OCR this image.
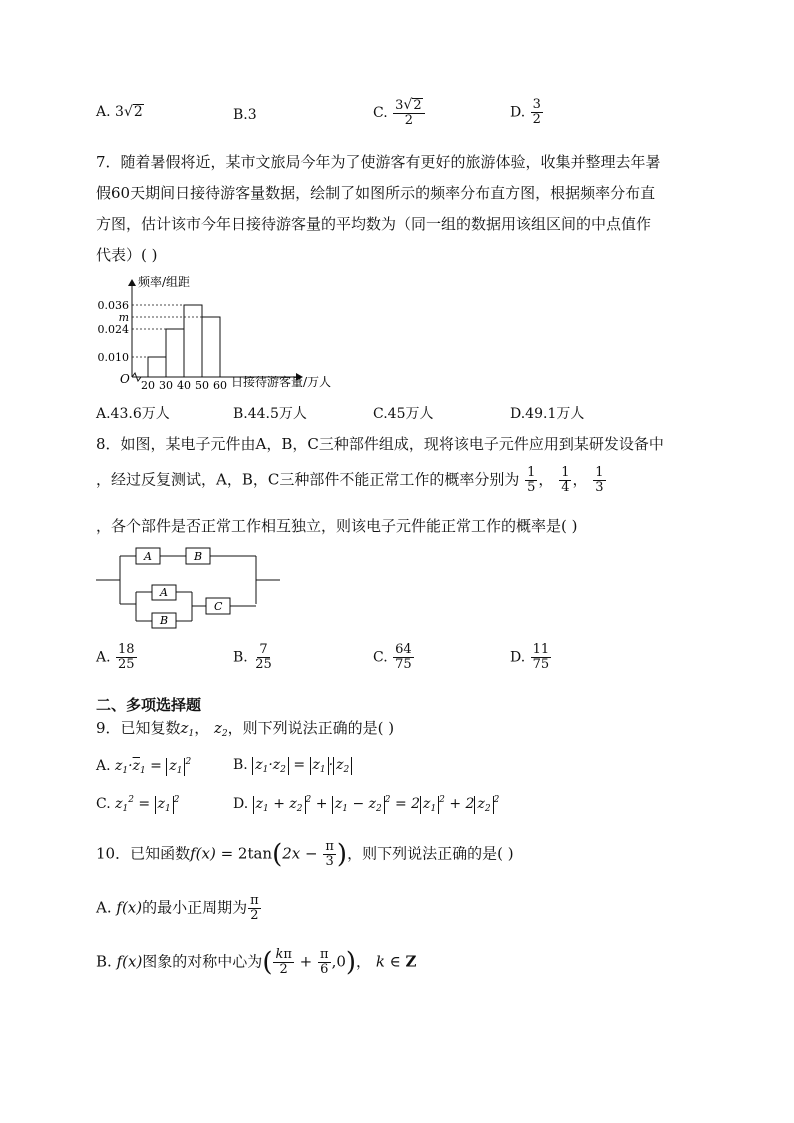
A. 3√2	B.3	C. $\frac{3√2}{2}$	D. $\frac{3}{2}$
7．随着暑假将近，某市文旅局今年为了使游客有更好的旅游体验，收集并整理去年暑
假60天期间日接待游客量数据，绘制了如图所示的频率分布直方图，根据频率分布直
方图，估计该市今年日接待游客量的平均数为（同一组的数据用该组区间的中点值作
代表）( )
频率/组距
日接待游客量/万人
O
0.036
m
0.024
0.010
20 30 40 50 60
A.43.6万人	B.44.5万人	C.45万人	D.49.1万人
8．如图，某电子元件由A，B，C三种部件组成，现将该电子元件应用到某研发设备中
，经过反复测试，A，B，C三种部件不能正常工作的概率分别为 $\frac{1}{5}$ ， $\frac{1}{4}$ ， $\frac{1}{3}$
，各个部件是否正常工作相互独立，则该电子元件能正常工作的概率是( )
A	B
A
B
C
A. $\frac{18}{25}$	B. $\frac{7}{25}$	C. $\frac{64}{75}$	D. $\frac{11}{75}$
二、多项选择题
9．已知复数$z_1$， $z_2$，则下列说法正确的是( )
A. $z_1\cdot\overline{z}_1 = z_1^2$	B. $z_1\cdot z_2 = z_1 \cdot z_2$
C. $z_1^2 = z_1^2$	D. $z_1 + z_2^2 + z_1 - z_2^2 = 2$ $z_1^2 + 2$ $z_2^2$
10．已知函数$f(x) = 2\tan(2x - \frac{\pi}{3}$ )，则下列说法正确的是( )
A. f(x)的最小正周期为 $\frac{\pi}{2}$
B. f(x)图象的对称中心为( $\frac{k\pi}{2} + \frac{\pi}{6} ,0$)， k ∈ Z
